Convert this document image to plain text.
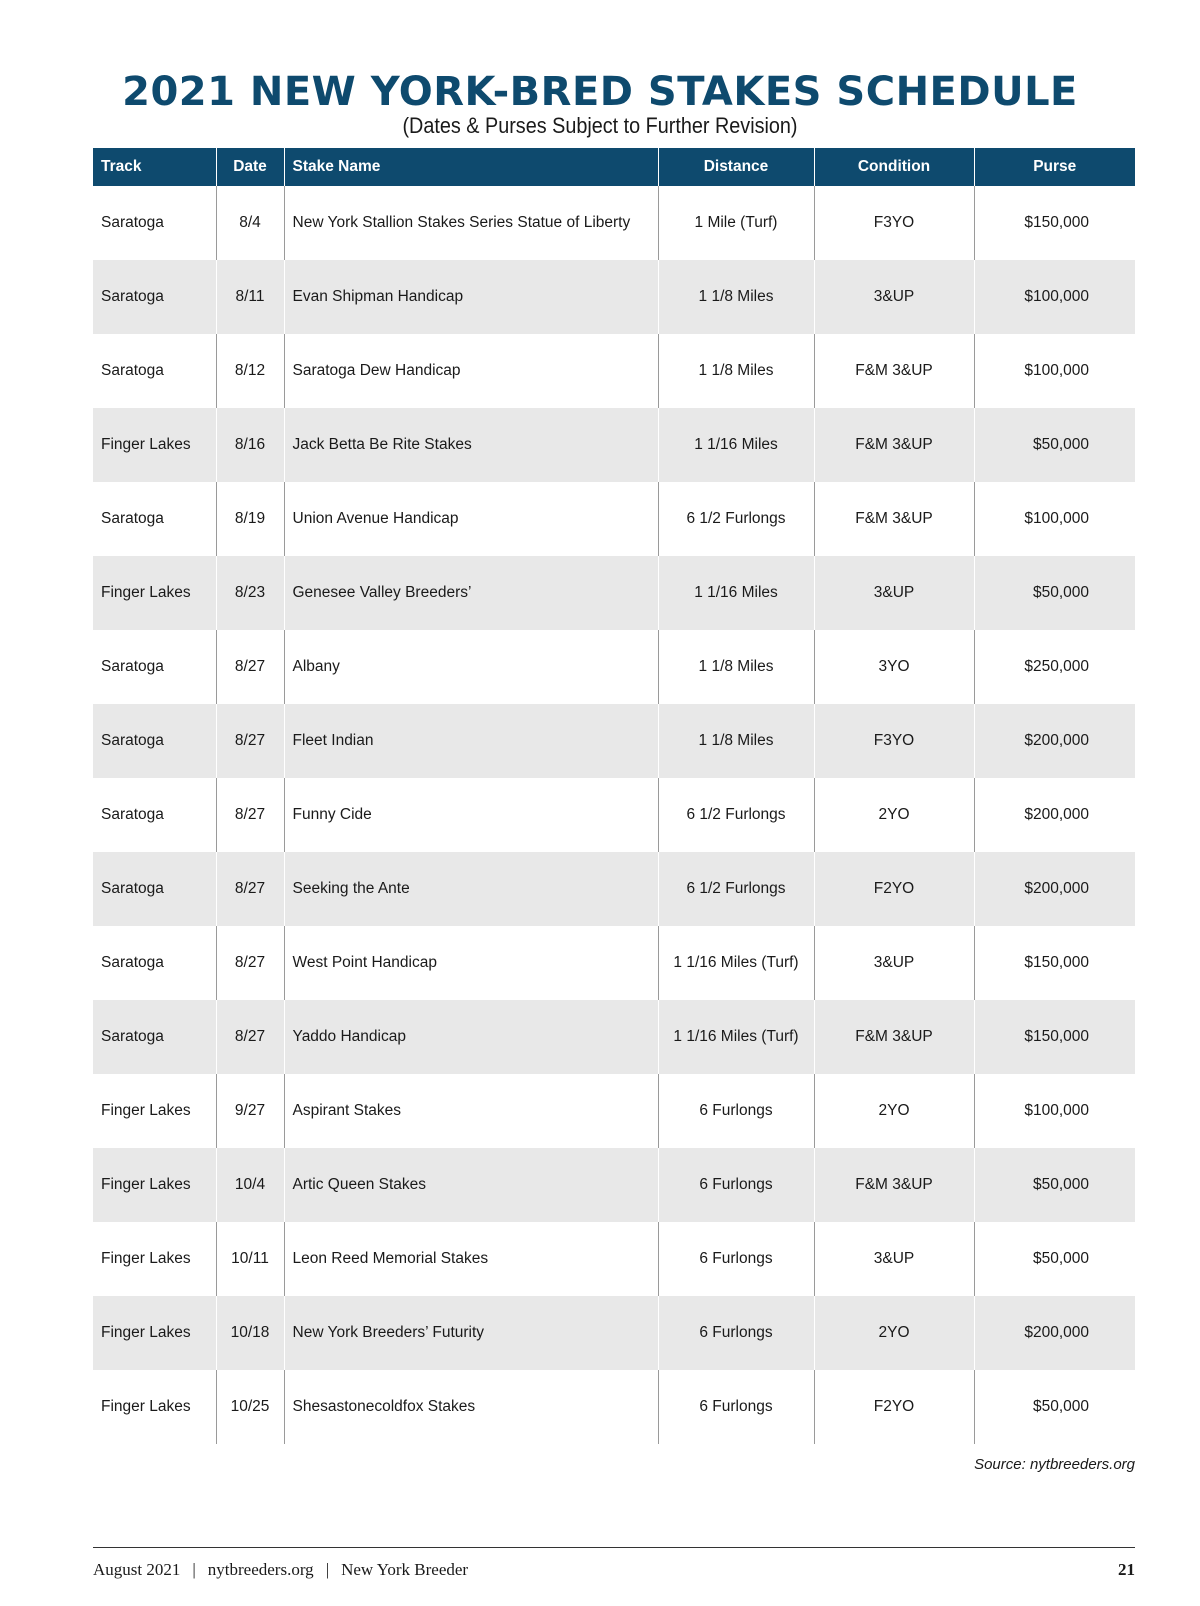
2021 NEW YORK-BRED STAKES SCHEDULE
(Dates & Purses Subject to Further Revision)
Track	Date	Stake Name	Distance	Condition	Purse
Saratoga	8/4	New York Stallion Stakes Series Statue of Liberty	1 Mile (Turf)	F3YO	$150,000
Saratoga	8/11	Evan Shipman Handicap	1 1/8 Miles	3&UP	$100,000
Saratoga	8/12	Saratoga Dew Handicap	1 1/8 Miles	F&M 3&UP	$100,000
Finger Lakes	8/16	Jack Betta Be Rite Stakes	1 1/16 Miles	F&M 3&UP	$50,000
Saratoga	8/19	Union Avenue Handicap	6 1/2 Furlongs	F&M 3&UP	$100,000
Finger Lakes	8/23	Genesee Valley Breeders’	1 1/16 Miles	3&UP	$50,000
Saratoga	8/27	Albany	1 1/8 Miles	3YO	$250,000
Saratoga	8/27	Fleet Indian	1 1/8 Miles	F3YO	$200,000
Saratoga	8/27	Funny Cide	6 1/2 Furlongs	2YO	$200,000
Saratoga	8/27	Seeking the Ante	6 1/2 Furlongs	F2YO	$200,000
Saratoga	8/27	West Point Handicap	1 1/16 Miles (Turf)	3&UP	$150,000
Saratoga	8/27	Yaddo Handicap	1 1/16 Miles (Turf)	F&M 3&UP	$150,000
Finger Lakes	9/27	Aspirant Stakes	6 Furlongs	2YO	$100,000
Finger Lakes	10/4	Artic Queen Stakes	6 Furlongs	F&M 3&UP	$50,000
Finger Lakes	10/11	Leon Reed Memorial Stakes	6 Furlongs	3&UP	$50,000
Finger Lakes	10/18	New York Breeders’ Futurity	6 Furlongs	2YO	$200,000
Finger Lakes	10/25	Shesastonecoldfox Stakes	6 Furlongs	F2YO	$50,000
Source: nytbreeders.org
August 2021 | nytbreeders.org | New York Breeder	21
